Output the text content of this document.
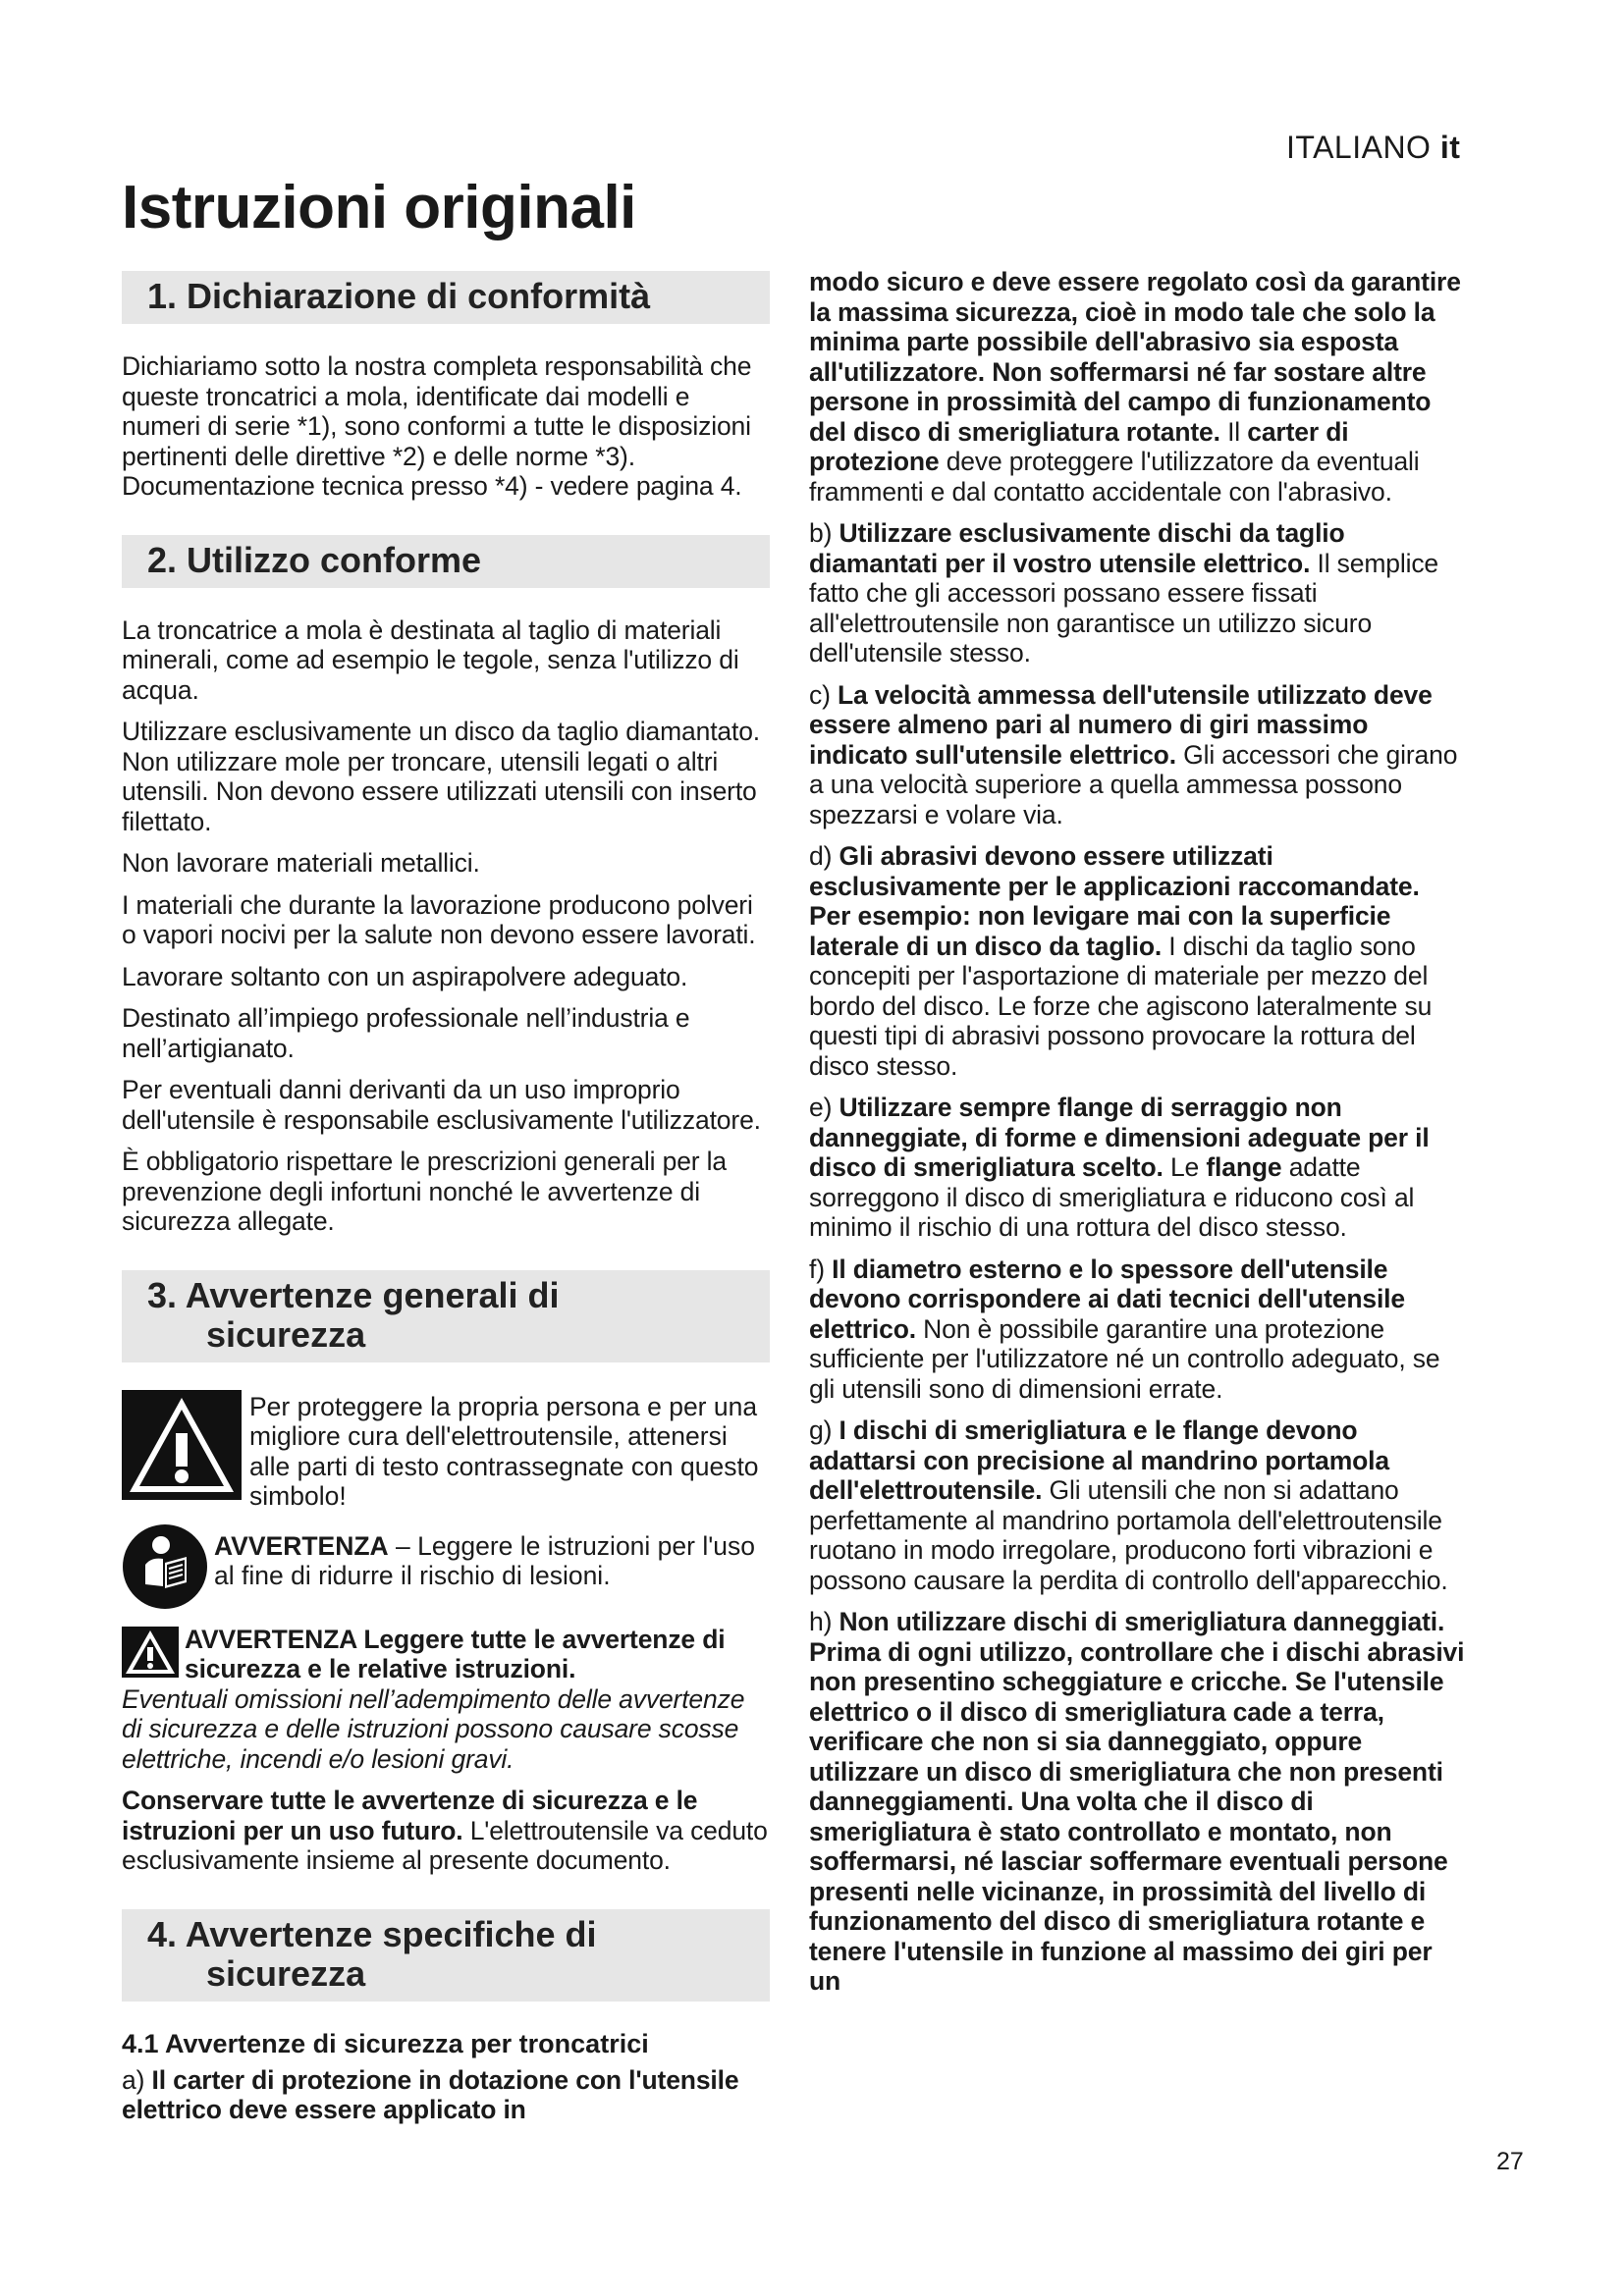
ITALIANO it
Istruzioni originali
1. Dichiarazione di conformità

Dichiariamo sotto la nostra completa responsabilità che queste troncatrici a mola, identificate dai modelli e numeri di serie *1), sono conformi a tutte le disposizioni pertinenti delle direttive *2) e delle norme *3). Documentazione tecnica presso *4) - vedere pagina 4.

2. Utilizzo conforme

La troncatrice a mola è destinata al taglio di materiali minerali, come ad esempio le tegole, senza l'utilizzo di acqua.

Utilizzare esclusivamente un disco da taglio diamantato. Non utilizzare mole per troncare, utensili legati o altri utensili. Non devono essere utilizzati utensili con inserto filettato.

Non lavorare materiali metallici.

I materiali che durante la lavorazione producono polveri o vapori nocivi per la salute non devono essere lavorati.

Lavorare soltanto con un aspirapolvere adeguato.

Destinato all’impiego professionale nell’industria e nell’artigianato.

Per eventuali danni derivanti da un uso improprio dell'utensile è responsabile esclusivamente l'utilizzatore.

È obbligatorio rispettare le prescrizioni generali per la prevenzione degli infortuni nonché le avvertenze di sicurezza allegate.

3. Avvertenze generali di
sicurezza
Per proteggere la propria persona e per una migliore cura dell'elettroutensile, attenersi alle parti di testo contrassegnate con questo simbolo!
AVVERTENZA – Leggere le istruzioni per l'uso al fine di ridurre il rischio di lesioni.

AVVERTENZA Leggere tutte le avvertenze di sicurezza e le relative istruzioni.
Eventuali omissioni nell’adempimento delle avvertenze di sicurezza e delle istruzioni possono causare scosse elettriche, incendi e/o lesioni gravi.

Conservare tutte le avvertenze di sicurezza e le istruzioni per un uso futuro. L'elettroutensile va ceduto esclusivamente insieme al presente documento.

4. Avvertenze specifiche di
sicurezza
4.1 Avvertenze di sicurezza per troncatrici

a) Il carter di protezione in dotazione con l'utensile elettrico deve essere applicato in

modo sicuro e deve essere regolato così da garantire la massima sicurezza, cioè in modo tale che solo la minima parte possibile dell'abrasivo sia esposta all'utilizzatore. Non soffermarsi né far sostare altre persone in prossimità del campo di funzionamento del disco di smerigliatura rotante. Il carter di protezione deve proteggere l'utilizzatore da eventuali frammenti e dal contatto accidentale con l'abrasivo.

b) Utilizzare esclusivamente dischi da taglio diamantati per il vostro utensile elettrico. Il semplice fatto che gli accessori possano essere fissati all'elettroutensile non garantisce un utilizzo sicuro dell'utensile stesso.

c) La velocità ammessa dell'utensile utilizzato deve essere almeno pari al numero di giri massimo indicato sull'utensile elettrico. Gli accessori che girano a una velocità superiore a quella ammessa possono spezzarsi e volare via.

d) Gli abrasivi devono essere utilizzati esclusivamente per le applicazioni raccomandate. Per esempio: non levigare mai con la superficie laterale di un disco da taglio. I dischi da taglio sono concepiti per l'asportazione di materiale per mezzo del bordo del disco. Le forze che agiscono lateralmente su questi tipi di abrasivi possono provocare la rottura del disco stesso.

e) Utilizzare sempre flange di serraggio non danneggiate, di forme e dimensioni adeguate per il disco di smerigliatura scelto. Le flange adatte sorreggono il disco di smerigliatura e riducono così al minimo il rischio di una rottura del disco stesso.

f) Il diametro esterno e lo spessore dell'utensile devono corrispondere ai dati tecnici dell'utensile elettrico. Non è possibile garantire una protezione sufficiente per l'utilizzatore né un controllo adeguato, se gli utensili sono di dimensioni errate.

g) I dischi di smerigliatura e le flange devono adattarsi con precisione al mandrino portamola dell'elettroutensile. Gli utensili che non si adattano perfettamente al mandrino portamola dell'elettroutensile ruotano in modo irregolare, producono forti vibrazioni e possono causare la perdita di controllo dell'apparecchio.

h) Non utilizzare dischi di smerigliatura danneggiati. Prima di ogni utilizzo, controllare che i dischi abrasivi non presentino scheggiature e cricche. Se l'utensile elettrico o il disco di smerigliatura cade a terra, verificare che non si sia danneggiato, oppure utilizzare un disco di smerigliatura che non presenti danneggiamenti. Una volta che il disco di smerigliatura è stato controllato e montato, non soffermarsi, né lasciar soffermare eventuali persone presenti nelle vicinanze, in prossimità del livello di funzionamento del disco di smerigliatura rotante e tenere l'utensile in funzione al massimo dei giri per un

27
